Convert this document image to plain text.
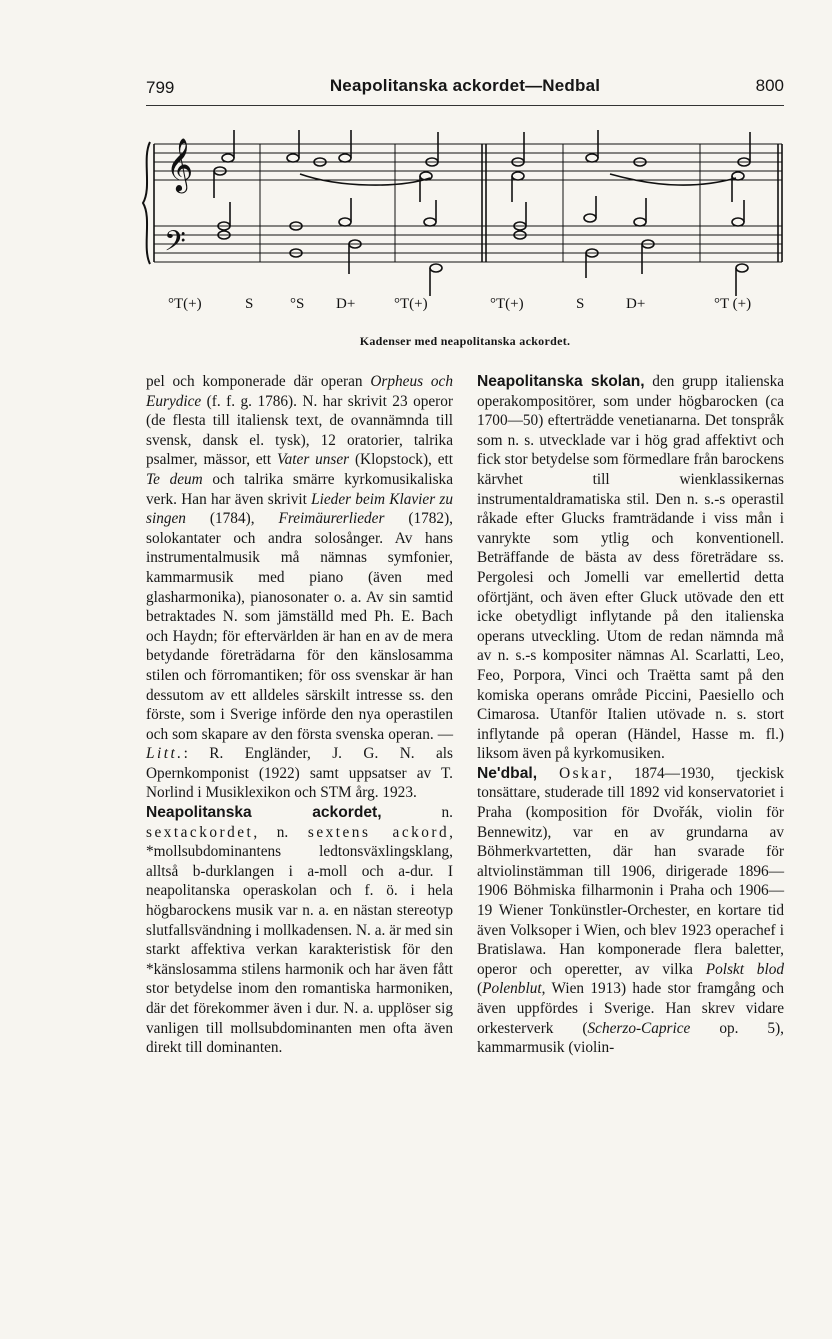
799	Neapolitanska ackordet—Nedbal	800
𝄞
𝄢
°T(+)	S °S D+	°T(+)	°T(+)	S	D+	°T (+)
Kadenser med neapolitanska ackordet.

pel och komponerade där operan Orpheus och Eurydice (f. f. g. 1786). N. har skrivit 23 operor (de flesta till italiensk text, de ovannämnda till svensk, dansk el. tysk), 12 oratorier, talrika psalmer, mässor, ett Vater unser (Klopstock), ett Te deum och talrika smärre kyrkomusikaliska verk. Han har även skrivit Lieder beim Klavier zu singen (1784), Freimäurerlieder (1782), solokantater och andra solosånger. Av hans instrumentalmusik må nämnas symfonier, kammarmusik med piano (även med glasharmonika), pianosonater o. a. Av sin samtid betraktades N. som jämställd med Ph. E. Bach och Haydn; för eftervärlden är han en av de mera betydande företrädarna för den känslosamma stilen och förromantiken; för oss svenskar är han dessutom av ett alldeles särskilt intresse ss. den förste, som i Sverige införde den nya operastilen och som skapare av den första svenska operan. — Litt.: R. Engländer, J. G. N. als Opernkomponist (1922) samt uppsatser av T. Norlind i Musiklexikon och STM årg. 1923.

Neapolitanska ackordet, n. sextackordet, n. sextens ackord, *mollsubdominantens ledtonsväxlingsklang, alltså b-durklangen i a-moll och a-dur. I neapolitanska operaskolan och f. ö. i hela högbarockens musik var n. a. en nästan stereotyp slutfallsvändning i mollkadensen. N. a. är med sin starkt affektiva verkan karakteristisk för den *känslosamma stilens harmonik och har även fått stor betydelse inom den romantiska harmoniken, där det förekommer även i dur. N. a. upplöser sig vanligen till mollsubdominanten men ofta även direkt till dominanten.

Neapolitanska skolan, den grupp italienska operakompositörer, som under högbarocken (ca 1700—50) efterträdde venetianarna. Det tonspråk som n. s. utvecklade var i hög grad affektivt och fick stor betydelse som förmedlare från barockens kärvhet till wienklassikernas instrumentaldramatiska stil. Den n. s.-s operastil råkade efter Glucks framträdande i viss mån i vanrykte som ytlig och konventionell. Beträffande de bästa av dess företrädare ss. Pergolesi och Jomelli var emellertid detta oförtjänt, och även efter Gluck utövade den ett icke obetydligt inflytande på den italienska operans utveckling. Utom de redan nämnda må av n. s.-s kompositer nämnas Al. Scarlatti, Leo, Feo, Porpora, Vinci och Traëtta samt på den komiska operans område Piccini, Paesiello och Cimarosa. Utanför Italien utövade n. s. stort inflytande på operan (Händel, Hasse m. fl.) liksom även på kyrkomusiken.

Ne'dbal, Oskar, 1874—1930, tjeckisk tonsättare, studerade till 1892 vid konservatoriet i Praha (komposition för Dvořák, violin för Bennewitz), var en av grundarna av Böhmerkvartetten, där han svarade för altviolinstämman till 1906, dirigerade 1896—1906 Böhmiska filharmonin i Praha och 1906—19 Wiener Tonkünstler-Orchester, en kortare tid även Volksoper i Wien, och blev 1923 operachef i Bratislawa. Han komponerade flera baletter, operor och operetter, av vilka Polskt blod (Polenblut, Wien 1913) hade stor framgång och även uppfördes i Sverige. Han skrev vidare orkesterverk (Scherzo-Caprice op. 5), kammarmusik (violin-
